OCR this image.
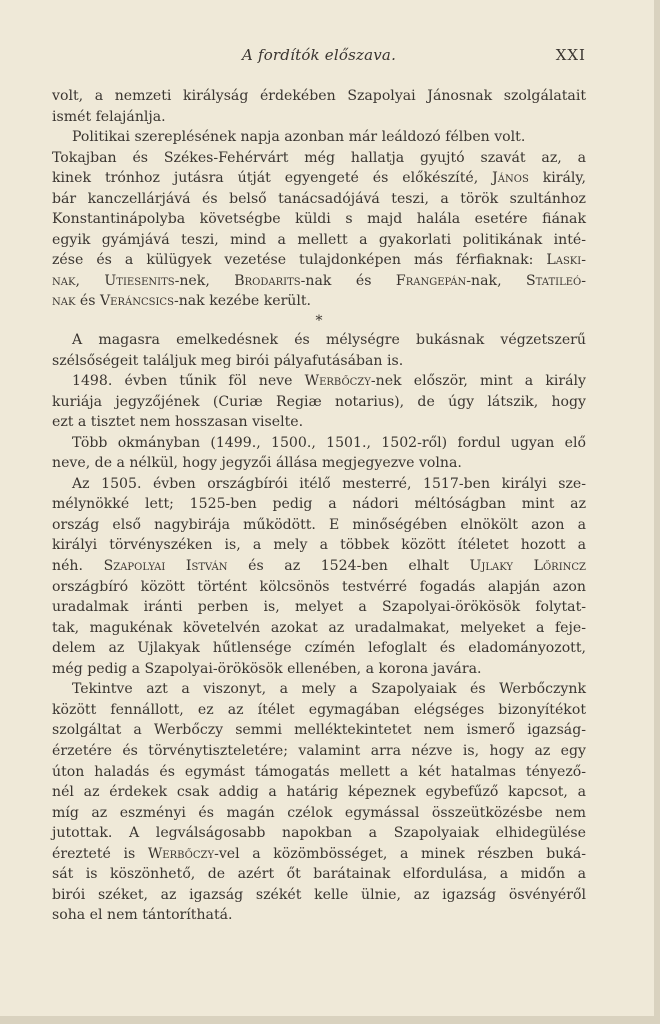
A fordítók előszava.	XXI
volt, a nemzeti királyság érdekében Szapolyai Jánosnak szolgálatait
ismét felajánlja.
Politikai szereplésének napja azonban már leáldozó félben volt.
Tokajban és Székes-Fehérvárt még hallatja gyujtó szavát az, a
kinek trónhoz jutásra útját egyengeté és előkészíté, János király,
bár kanczellárjává és belső tanácsadójává teszi, a török szultánhoz
Konstantinápolyba követségbe küldi s majd halála esetére fiának
egyik gyámjává teszi, mind a mellett a gyakorlati politikának inté-
zése és a külügyek vezetése tulajdonképen más férfiaknak: Laski-
nak, Utiesenits-nek, Brodarits-nak és Frangepán-nak, Statileó-
nak és Veráncsics-nak kezébe került.
*
A magasra emelkedésnek és mélységre bukásnak végzetszerű
szélsőségeit találjuk meg birói pályafutásában is.
1498. évben tűnik föl neve Werbőczy-nek először, mint a király
kuriája jegyzőjének (Curiæ Regiæ notarius), de úgy látszik, hogy
ezt a tisztet nem hosszasan viselte.
Több okmányban (1499., 1500., 1501., 1502-ről) fordul ugyan elő
neve, de a nélkül, hogy jegyzői állása megjegyezve volna.
Az 1505. évben országbírói itélő mesterré, 1517-ben királyi sze-
mélynökké lett; 1525-ben pedig a nádori méltóságban mint az
ország első nagybirája működött. E minőségében elnökölt azon a
királyi törvényszéken is, a mely a többek között ítéletet hozott a
néh. Szapolyai István és az 1524-ben elhalt Ujlaky Lőrincz
országbíró között történt kölcsönös testvérré fogadás alapján azon
uradalmak iránti perben is, melyet a Szapolyai-örökösök folytat-
tak, magukénak követelvén azokat az uradalmakat, melyeket a feje-
delem az Ujlakyak hűtlensége czímén lefoglalt és eladományozott,
még pedig a Szapolyai-örökösök ellenében, a korona javára.
Tekintve azt a viszonyt, a mely a Szapolyaiak és Werbőczynk
között fennállott, ez az ítélet egymagában elégséges bizonyítékot
szolgáltat a Werbőczy semmi melléktekintetet nem ismerő igazság-
érzetére és törvénytiszteletére; valamint arra nézve is, hogy az egy
úton haladás és egymást támogatás mellett a két hatalmas tényező-
nél az érdekek csak addig a határig képeznek egybefűző kapcsot, a
míg az eszményi és magán czélok egymással összeütközésbe nem
jutottak. A legválságosabb napokban a Szapolyaiak elhidegülése
érezteté is Werbőczy-vel a közömbösséget, a minek részben buká-
sát is köszönhető, de azért őt barátainak elfordulása, a midőn a
birói széket, az igazság székét kelle ülnie, az igazság ösvényéről
soha el nem tántoríthatá.
